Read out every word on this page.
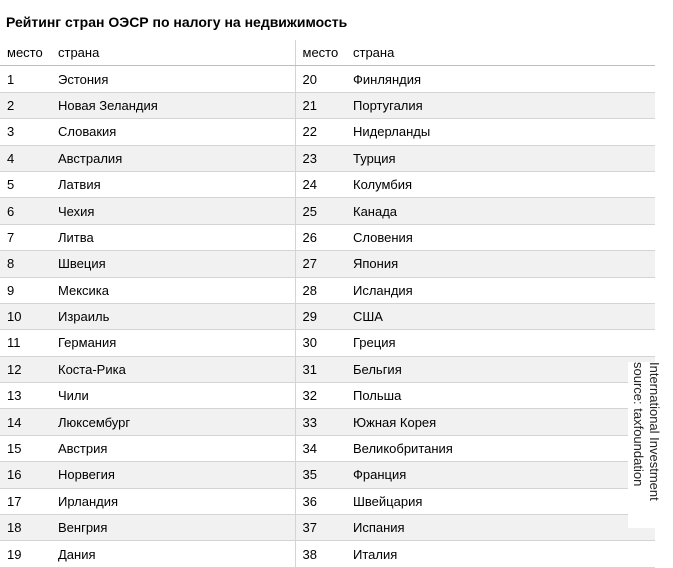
Рейтинг стран ОЭСР по налогу на недвижимость
место	страна	место	страна
1	Эстония	20	Финляндия
2	Новая Зеландия	21	Португалия
3	Словакия	22	Нидерланды
4	Австралия	23	Турция
5	Латвия	24	Колумбия
6	Чехия	25	Канада
7	Литва	26	Словения
8	Швеция	27	Япония
9	Мексика	28	Исландия
10	Израиль	29	США
11	Германия	30	Греция
12	Коста-Рика	31	Бельгия
13	Чили	32	Польша
14	Люксембург	33	Южная Корея
15	Австрия	34	Великобритания
16	Норвегия	35	Франция
17	Ирландия	36	Швейцария
18	Венгрия	37	Испания
19	Дания	38	Италия
International Investment
source: taxfoundation
